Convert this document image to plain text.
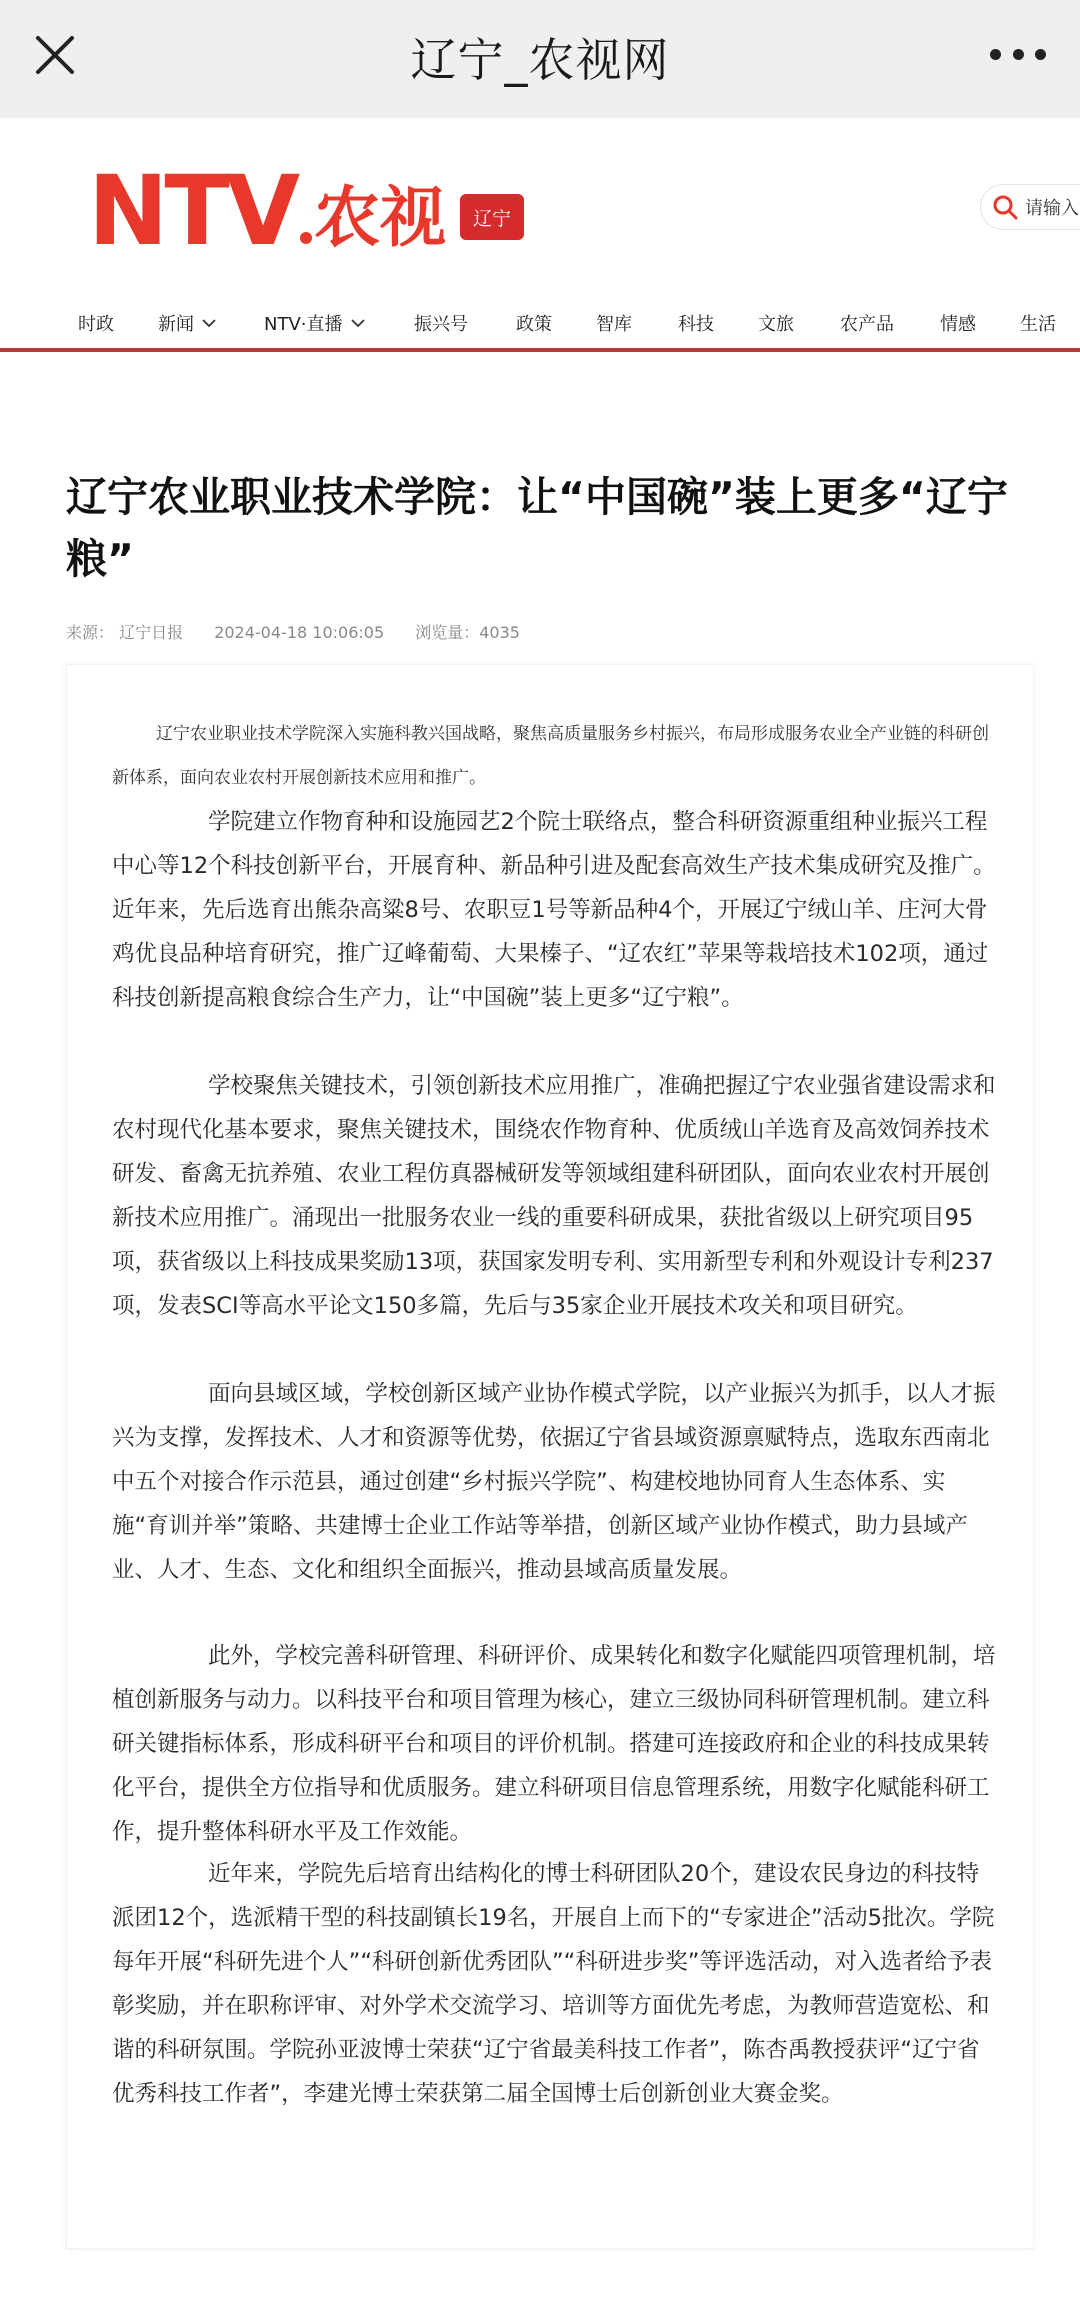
辽宁_农视网
NTV 农视	辽宁	请输入
时政 新闻	NTV·直播	振兴号	政策 智库	科技 文旅	农产品	情感 生活
辽宁农业职业技术学院：让“中国碗”装上更多“辽宁粮”
来源： 辽宁日报 2024-04-18 10:06:05 浏览量：4035

辽宁农业职业技术学院深入实施科教兴国战略，聚焦高质量服务乡村振兴，布局形成服务农业全产业链的科研创新体系，面向农业农村开展创新技术应用和推广。

学院建立作物育种和设施园艺2个院士联络点，整合科研资源重组种业振兴工程中心等12个科技创新平台，开展育种、新品种引进及配套高效生产技术集成研究及推广。近年来，先后选育出熊杂高粱8号、农职豆1号等新品种4个，开展辽宁绒山羊、庄河大骨鸡优良品种培育研究，推广辽峰葡萄、大果榛子、“辽农红”苹果等栽培技术102项，通过科技创新提高粮食综合生产力，让“中国碗”装上更多“辽宁粮”。

学校聚焦关键技术，引领创新技术应用推广，准确把握辽宁农业强省建设需求和农村现代化基本要求，聚焦关键技术，围绕农作物育种、优质绒山羊选育及高效饲养技术研发、畜禽无抗养殖、农业工程仿真器械研发等领域组建科研团队，面向农业农村开展创新技术应用推广。涌现出一批服务农业一线的重要科研成果，获批省级以上研究项目95项，获省级以上科技成果奖励13项，获国家发明专利、实用新型专利和外观设计专利237项，发表SCI等高水平论文150多篇，先后与35家企业开展技术攻关和项目研究。

面向县域区域，学校创新区域产业协作模式学院，以产业振兴为抓手，以人才振兴为支撑，发挥技术、人才和资源等优势，依据辽宁省县域资源禀赋特点，选取东西南北中五个对接合作示范县，通过创建“乡村振兴学院”、构建校地协同育人生态体系、实施“育训并举”策略、共建博士企业工作站等举措，创新区域产业协作模式，助力县域产业、人才、生态、文化和组织全面振兴，推动县域高质量发展。

此外，学校完善科研管理、科研评价、成果转化和数字化赋能四项管理机制，培植创新服务与动力。以科技平台和项目管理为核心，建立三级协同科研管理机制。建立科研关键指标体系，形成科研平台和项目的评价机制。搭建可连接政府和企业的科技成果转化平台，提供全方位指导和优质服务。建立科研项目信息管理系统，用数字化赋能科研工作，提升整体科研水平及工作效能。

近年来，学院先后培育出结构化的博士科研团队20个，建设农民身边的科技特派团12个，选派精干型的科技副镇长19名，开展自上而下的“专家进企”活动5批次。学院每年开展“科研先进个人”“科研创新优秀团队”“科研进步奖”等评选活动，对入选者给予表彰奖励，并在职称评审、对外学术交流学习、培训等方面优先考虑，为教师营造宽松、和谐的科研氛围。学院孙亚波博士荣获“辽宁省最美科技工作者”，陈杏禹教授获评“辽宁省优秀科技工作者”，李建光博士荣获第二届全国博士后创新创业大赛金奖。
